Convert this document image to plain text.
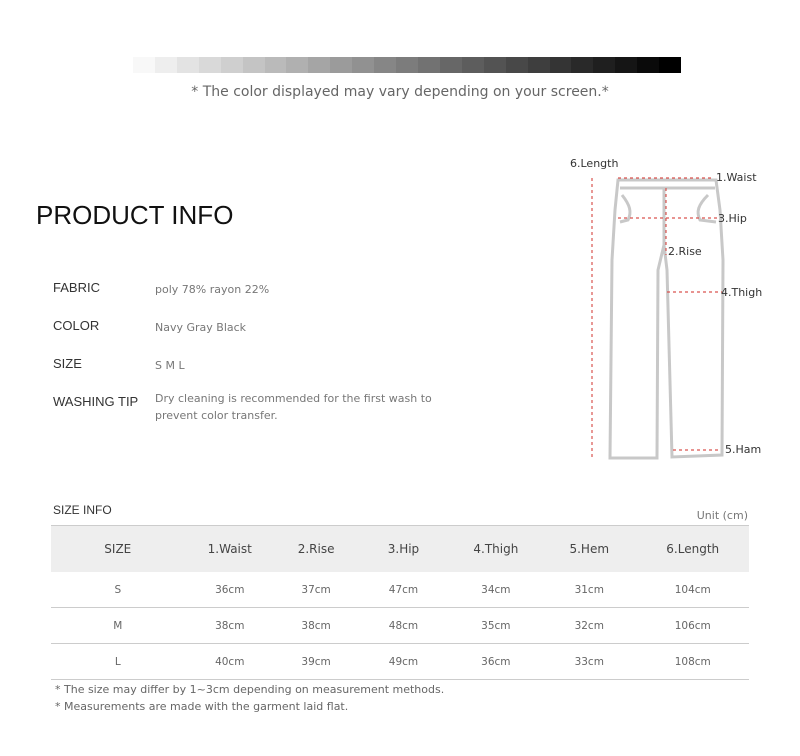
* The color displayed may vary depending on your screen.*
PRODUCT INFO
FABRIC	poly 78% rayon 22%
COLOR	Navy Gray Black
SIZE	S M L
WASHING TIP Dry cleaning is recommended for the first wash to prevent color transfer.
6.Length
1.Waist
3.Hip
2.Rise
4.Thigh
5.Ham
SIZE INFO	Unit (cm)
SIZE	1.Waist	2.Rise	3.Hip	4.Thigh	5.Hem	6.Length
S	36cm	37cm	47cm	34cm	31cm	104cm
M	38cm	38cm	48cm	35cm	32cm	106cm
L	40cm	39cm	49cm	36cm	33cm	108cm
* The size may differ by 1~3cm depending on measurement methods.
* Measurements are made with the garment laid flat.
